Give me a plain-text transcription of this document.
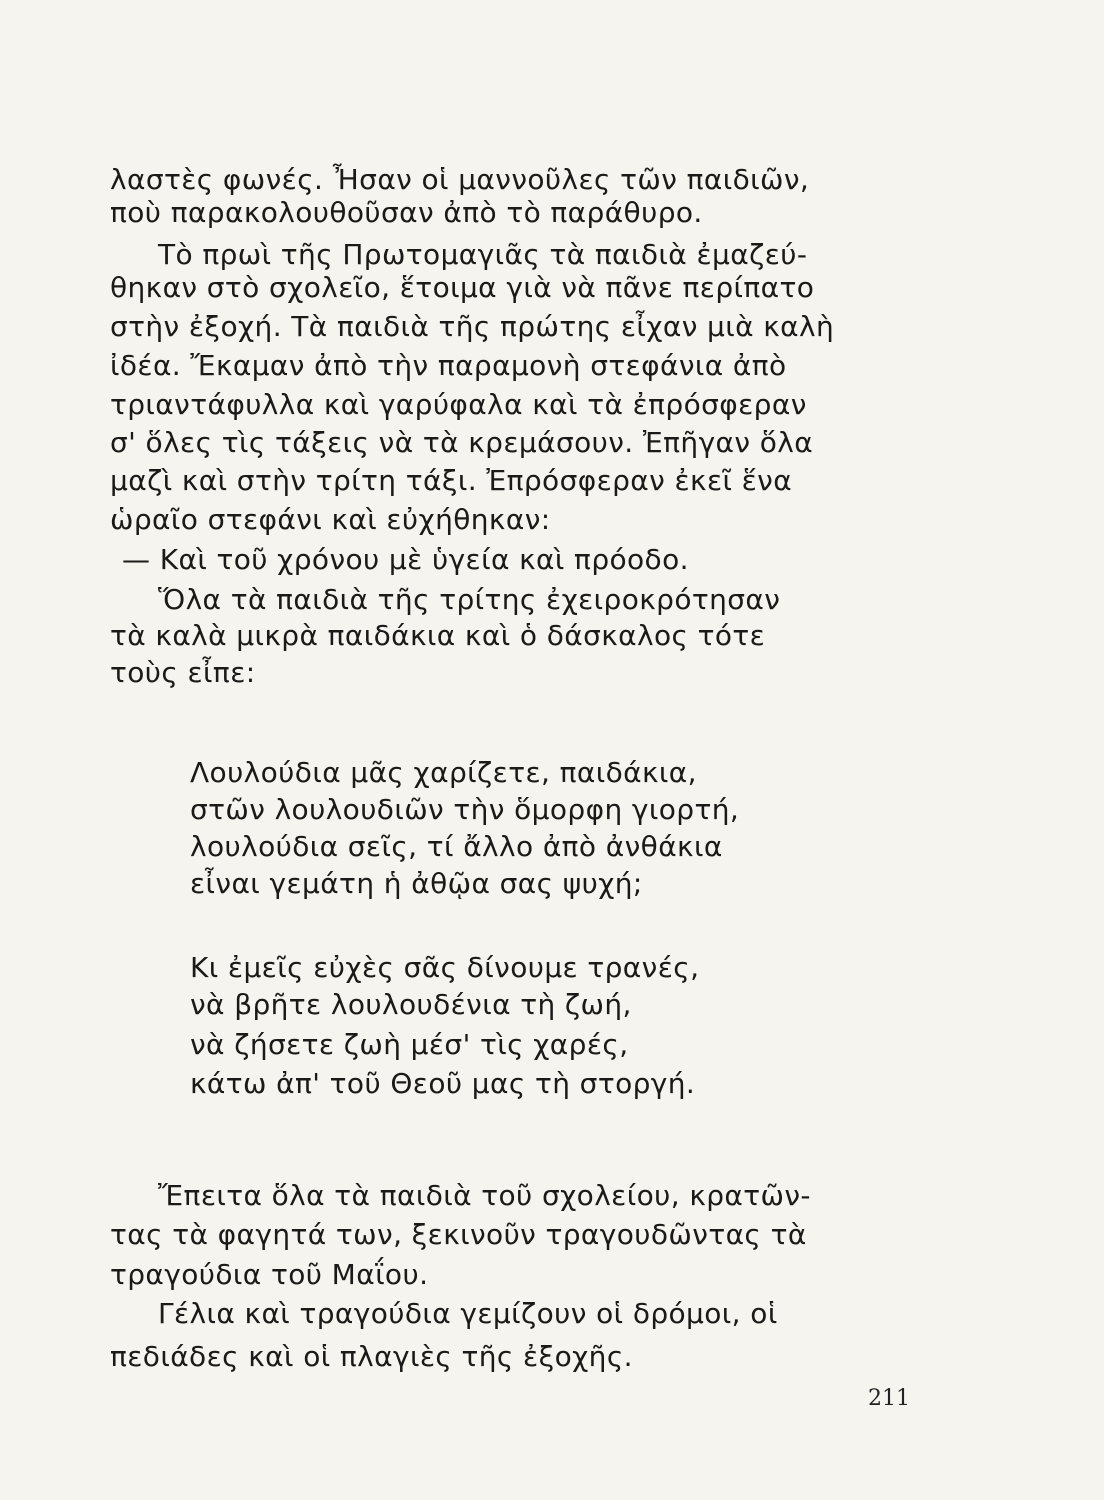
λαστὲς φωνές. Ἦσαν οἱ μαννοῦλες τῶν παιδιῶν,
ποὺ παρακολουθοῦσαν ἀπὸ τὸ παράθυρο.
Τὸ πρωὶ τῆς Πρωτομαγιᾶς τὰ παιδιὰ ἐμαζεύ-
θηκαν στὸ σχολεῖο, ἕτοιμα γιὰ νὰ πᾶνε περίπατο
στὴν ἐξοχή. Τὰ παιδιὰ τῆς πρώτης εἶχαν μιὰ καλὴ
ἰδέα. Ἔκαμαν ἀπὸ τὴν παραμονὴ στεφάνια ἀπὸ
τριαντάφυλλα καὶ γαρύφαλα καὶ τὰ ἐπρόσφεραν
σ' ὅλες τὶς τάξεις νὰ τὰ κρεμάσουν. Ἐπῆγαν ὅλα
μαζὶ καὶ στὴν τρίτη τάξι. Ἐπρόσφεραν ἐκεῖ ἕνα
ὡραῖο στεφάνι καὶ εὐχήθηκαν:
— Καὶ τοῦ χρόνου μὲ ὑγεία καὶ πρόοδο.
Ὅλα τὰ παιδιὰ τῆς τρίτης ἐχειροκρότησαν
τὰ καλὰ μικρὰ παιδάκια καὶ ὁ δάσκαλος τότε
τοὺς εἶπε:
Λουλούδια μᾶς χαρίζετε, παιδάκια,
στῶν λουλουδιῶν τὴν ὅμορφη γιορτή,
λουλούδια σεῖς, τί ἄλλο ἀπὸ ἀνθάκια
εἶναι γεμάτη ἡ ἀθῷα σας ψυχή;
Κι ἐμεῖς εὐχὲς σᾶς δίνουμε τρανές,
νὰ βρῆτε λουλουδένια τὴ ζωή,
νὰ ζήσετε ζωὴ μέσ' τὶς χαρές,
κάτω ἀπ' τοῦ Θεοῦ μας τὴ στοργή.
Ἔπειτα ὅλα τὰ παιδιὰ τοῦ σχολείου, κρατῶν-
τας τὰ φαγητά των, ξεκινοῦν τραγουδῶντας τὰ
τραγούδια τοῦ Μαΐου.
Γέλια καὶ τραγούδια γεμίζουν οἱ δρόμοι, οἱ
πεδιάδες καὶ οἱ πλαγιὲς τῆς ἐξοχῆς.
211
